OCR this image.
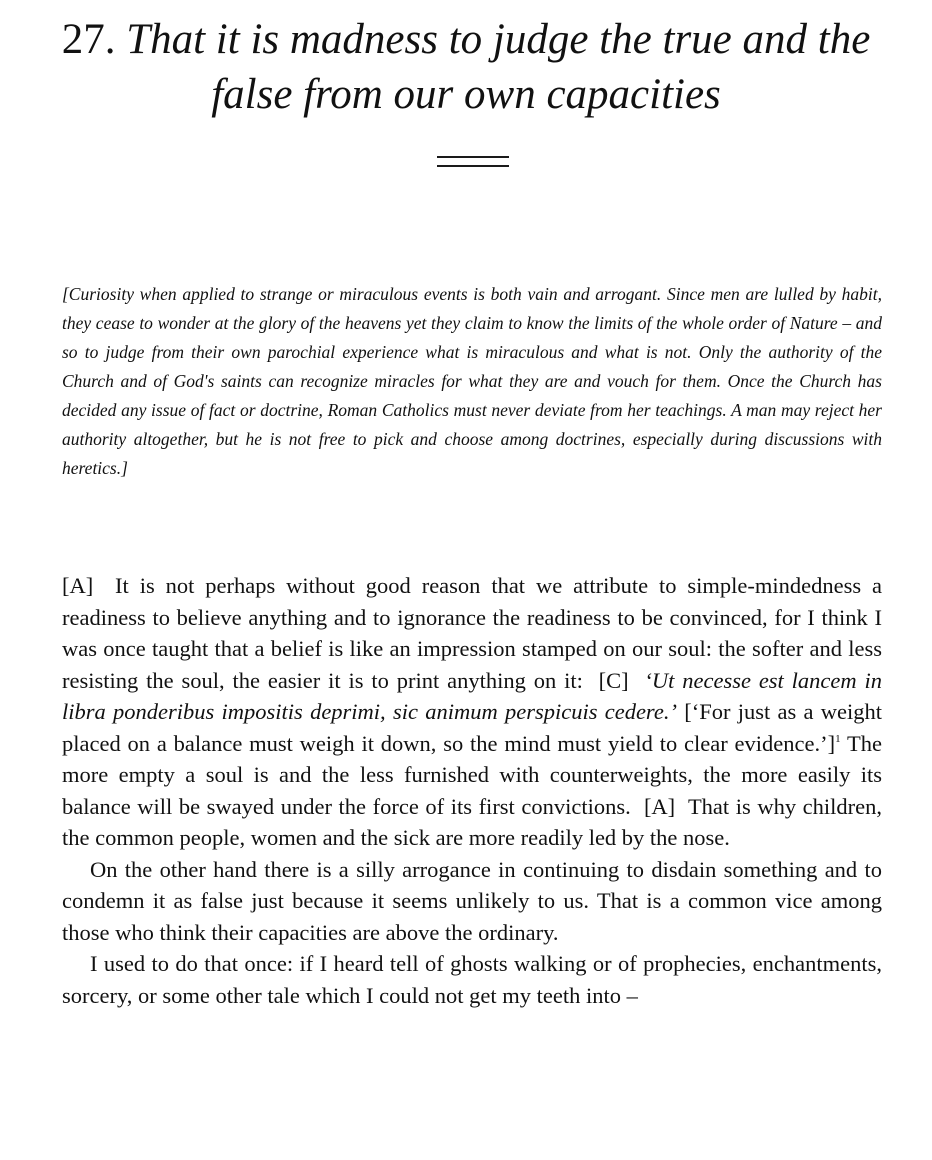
27. That it is madness to judge the true and the false from our own capacities

[Curiosity when applied to strange or miraculous events is both vain and arrogant. Since men are lulled by habit, they cease to wonder at the glory of the heavens yet they claim to know the limits of the whole order of Nature – and so to judge from their own parochial experience what is miraculous and what is not. Only the authority of the Church and of God's saints can recognize miracles for what they are and vouch for them. Once the Church has decided any issue of fact or doctrine, Roman Catholics must never deviate from her teachings. A man may reject her authority altogether, but he is not free to pick and choose among doctrines, especially during discussions with heretics.]

[A] It is not perhaps without good reason that we attribute to simple-mindedness a readiness to believe anything and to ignorance the readiness to be convinced, for I think I was once taught that a belief is like an impression stamped on our soul: the softer and less resisting the soul, the easier it is to print anything on it: [C] ‘Ut necesse est lancem in libra ponderibus impositis deprimi, sic animum perspicuis cedere.’ [‘For just as a weight placed on a balance must weigh it down, so the mind must yield to clear evidence.’]$^1$ The more empty a soul is and the less furnished with counterweights, the more easily its balance will be swayed under the force of its first convictions. [A] That is why children, the common people, women and the sick are more readily led by the nose.

On the other hand there is a silly arrogance in continuing to disdain something and to condemn it as false just because it seems unlikely to us. That is a common vice among those who think their capacities are above the ordinary.

I used to do that once: if I heard tell of ghosts walking or of prophecies, enchantments, sorcery, or some other tale which I could not get my teeth into –
